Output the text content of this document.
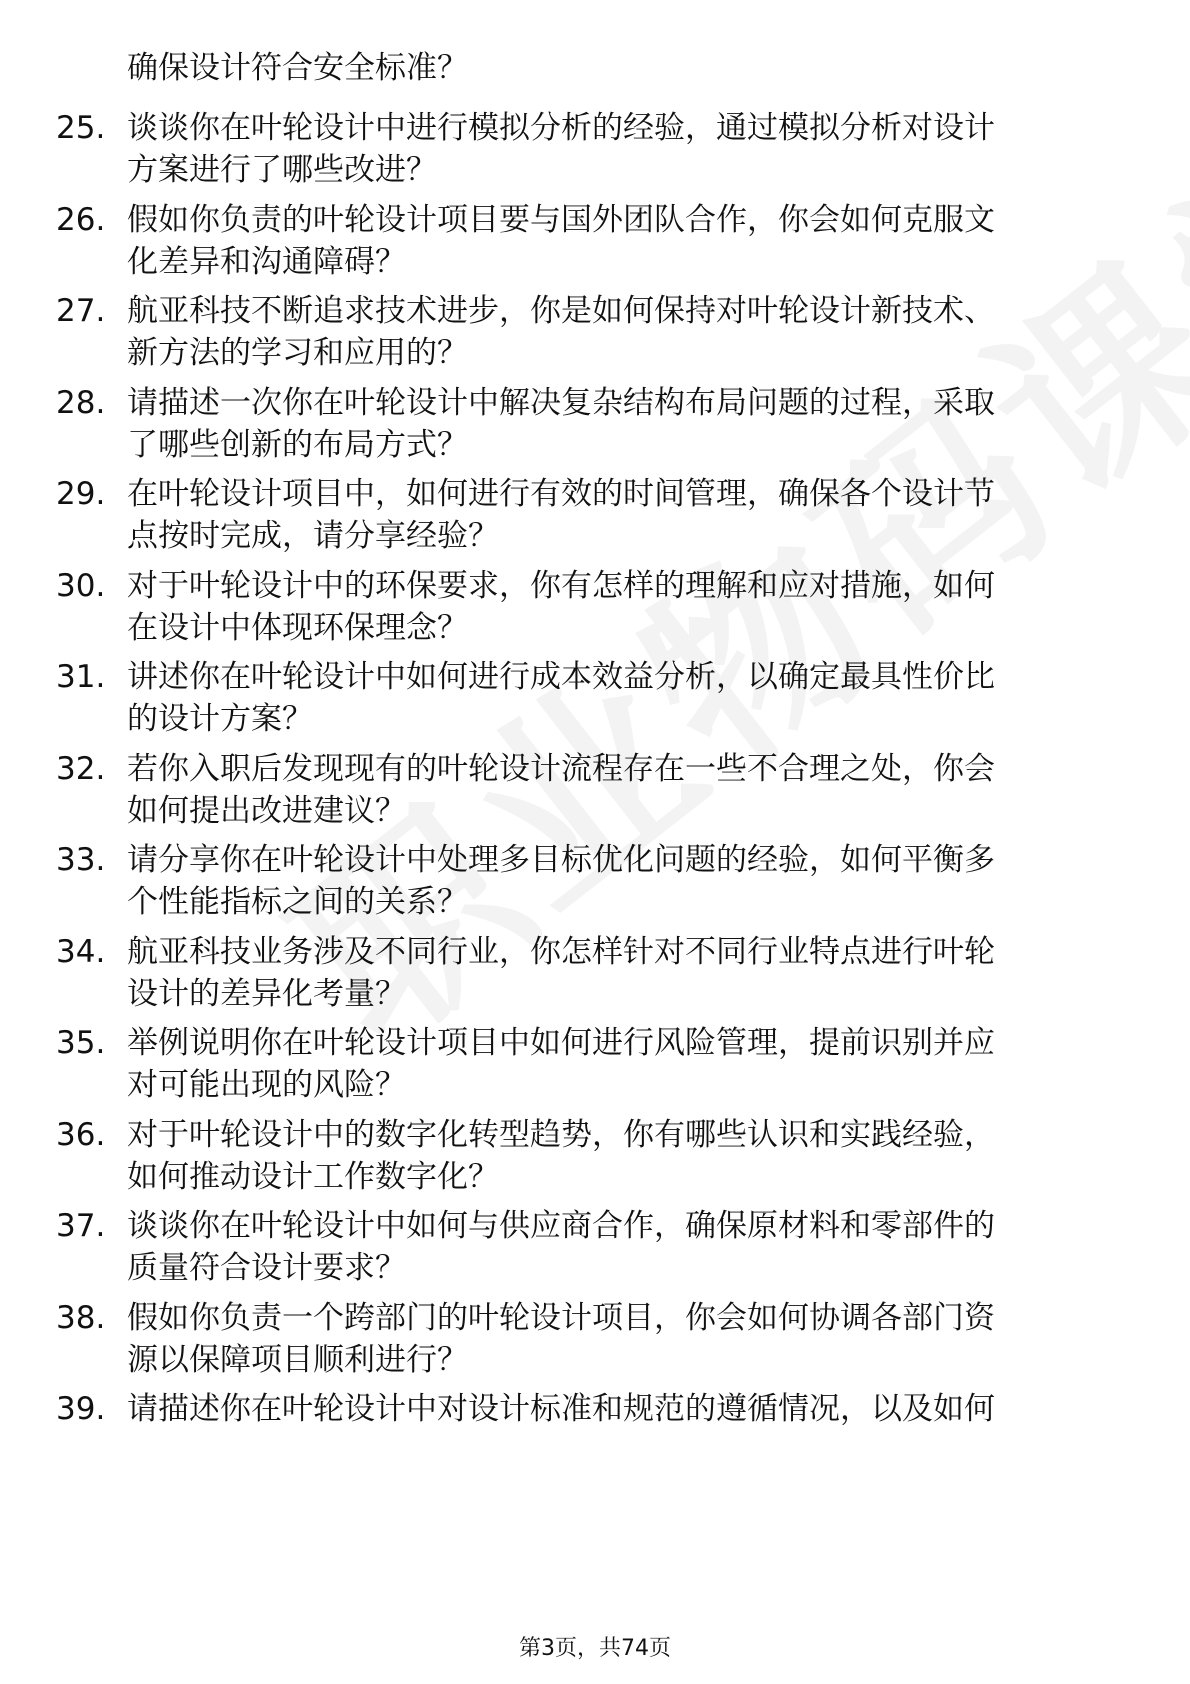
确保设计符合安全标准？
25. 谈谈你在叶轮设计中进行模拟分析的经验，通过模拟分析对设计
方案进行了哪些改进？
26. 假如你负责的叶轮设计项目要与国外团队合作，你会如何克服文
化差异和沟通障碍？
27. 航亚科技不断追求技术进步，你是如何保持对叶轮设计新技术、
新方法的学习和应用的？
28. 请描述一次你在叶轮设计中解决复杂结构布局问题的过程，采取
了哪些创新的布局方式？
29. 在叶轮设计项目中，如何进行有效的时间管理，确保各个设计节
点按时完成，请分享经验？
30. 对于叶轮设计中的环保要求，你有怎样的理解和应对措施，如何
在设计中体现环保理念？
31. 讲述你在叶轮设计中如何进行成本效益分析，以确定最具性价比
的设计方案？
32. 若你入职后发现现有的叶轮设计流程存在一些不合理之处，你会
如何提出改进建议？
33. 请分享你在叶轮设计中处理多目标优化问题的经验，如何平衡多
个性能指标之间的关系？
34. 航亚科技业务涉及不同行业，你怎样针对不同行业特点进行叶轮
设计的差异化考量？
35. 举例说明你在叶轮设计项目中如何进行风险管理，提前识别并应
对可能出现的风险？
36. 对于叶轮设计中的数字化转型趋势，你有哪些认识和实践经验，
如何推动设计工作数字化？
37. 谈谈你在叶轮设计中如何与供应商合作，确保原材料和零部件的
质量符合设计要求？
38. 假如你负责一个跨部门的叶轮设计项目，你会如何协调各部门资
源以保障项目顺利进行？
39. 请描述你在叶轮设计中对设计标准和规范的遵循情况，以及如何
第3页，共74页
